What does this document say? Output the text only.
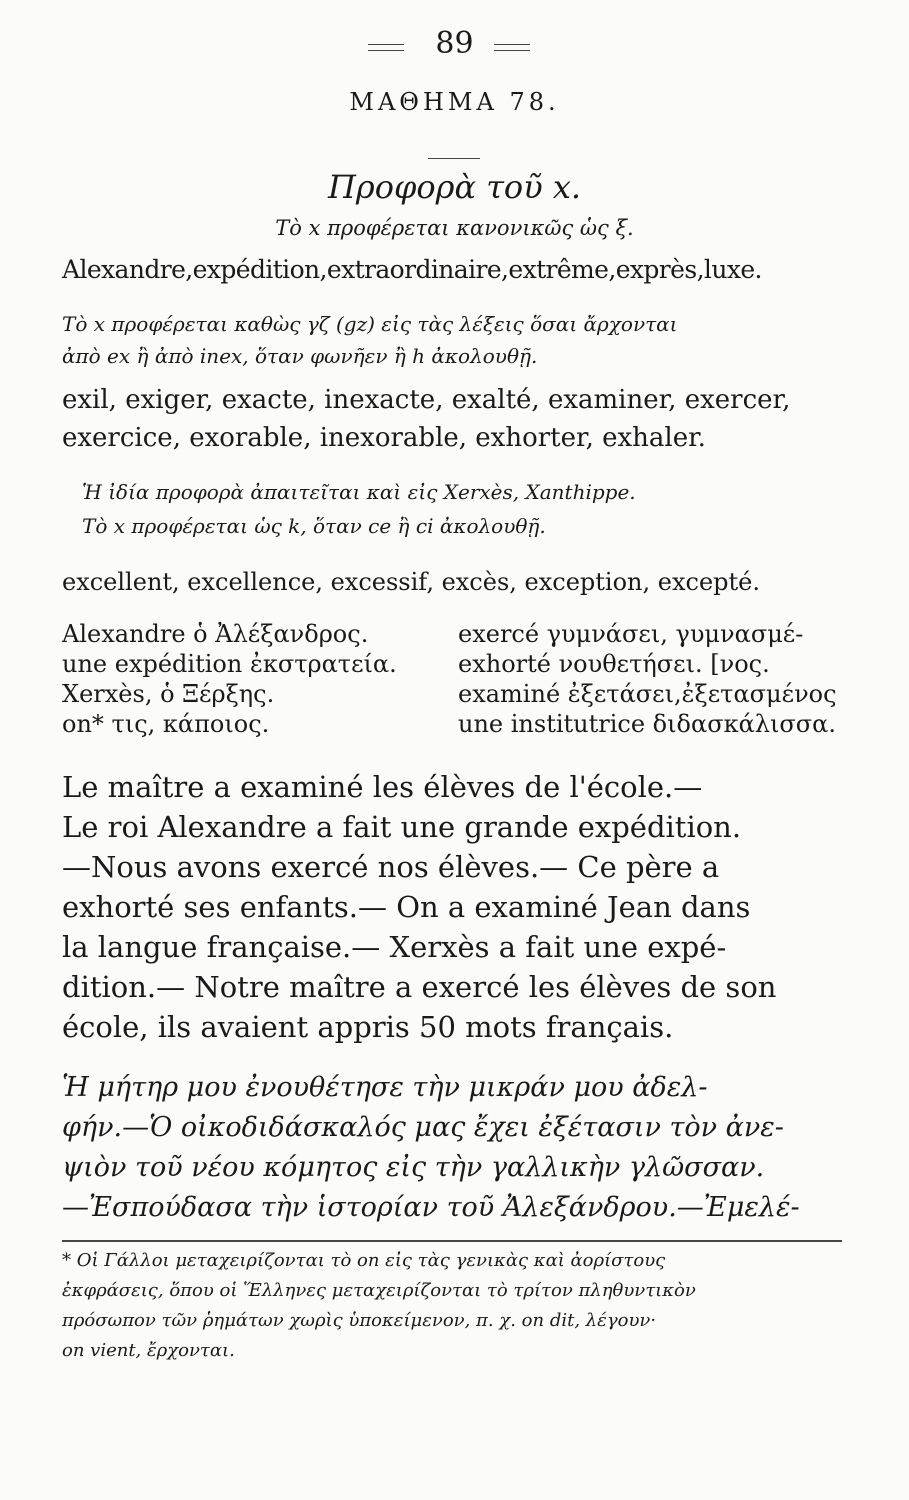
89
ΜΑΘΗΜΑ 78.
Προφορὰ τοῦ x.
Τὸ x προφέρεται κανονικῶς ὡς ξ.
Alexandre,expédition,extraordinaire,extrême,exprès,luxe.
Τὸ x προφέρεται καθὼς γζ (gz) εἰς τὰς λέξεις ὅσαι ἄρχονται
ἀπὸ ex ἢ ἀπὸ inex, ὅταν φωνῆεν ἢ h ἀκολουθῇ.
exil, exiger, exacte, inexacte, exalté, examiner, exercer,
exercice, exorable, inexorable, exhorter, exhaler.
Ἡ ἰδία προφορὰ ἀπαιτεῖται καὶ εἰς Xerxès, Xanthippe.
Τὸ x προφέρεται ὡς k, ὅταν ce ἢ ci ἀκολουθῇ.
excellent, excellence, excessif, excès, exception, excepté.
Alexandre ὁ Ἀλέξανδρος.
une expédition ἐκστρατεία.
Xerxès, ὁ Ξέρξης.
on* τις, κάποιος.
exercé γυμνάσει, γυμνασμέ-
exhorté νουθετήσει. [νος.
examiné ἐξετάσει,ἐξετασμένος
une institutrice διδασκάλισσα.
Le maître a examiné les élèves de l'école.—
Le roi Alexandre a fait une grande expédition.
—Nous avons exercé nos élèves.— Ce père a
exhorté ses enfants.— On a examiné Jean dans
la langue française.— Xerxès a fait une expé-
dition.— Notre maître a exercé les élèves de son
école, ils avaient appris 50 mots français.
Ἡ μήτηρ μου ἐνουθέτησε τὴν μικράν μου ἀδελ-
φήν.—Ὁ οἰκοδιδάσκαλός μας ἔχει ἐξέτασιν τὸν ἀνε-
ψιὸν τοῦ νέου κόμητος εἰς τὴν γαλλικὴν γλῶσσαν.
—Ἐσπούδασα τὴν ἱστορίαν τοῦ Ἀλεξάνδρου.—Ἐμελέ-
* Οἱ Γάλλοι μεταχειρίζονται τὸ on εἰς τὰς γενικὰς καὶ ἀορίστους
ἐκφράσεις, ὅπου οἱ Ἕλληνες μεταχειρίζονται τὸ τρίτον πληθυντικὸν
πρόσωπον τῶν ῥημάτων χωρὶς ὑποκείμενον, π. χ. on dit, λέγουν·
on vient, ἔρχονται.
